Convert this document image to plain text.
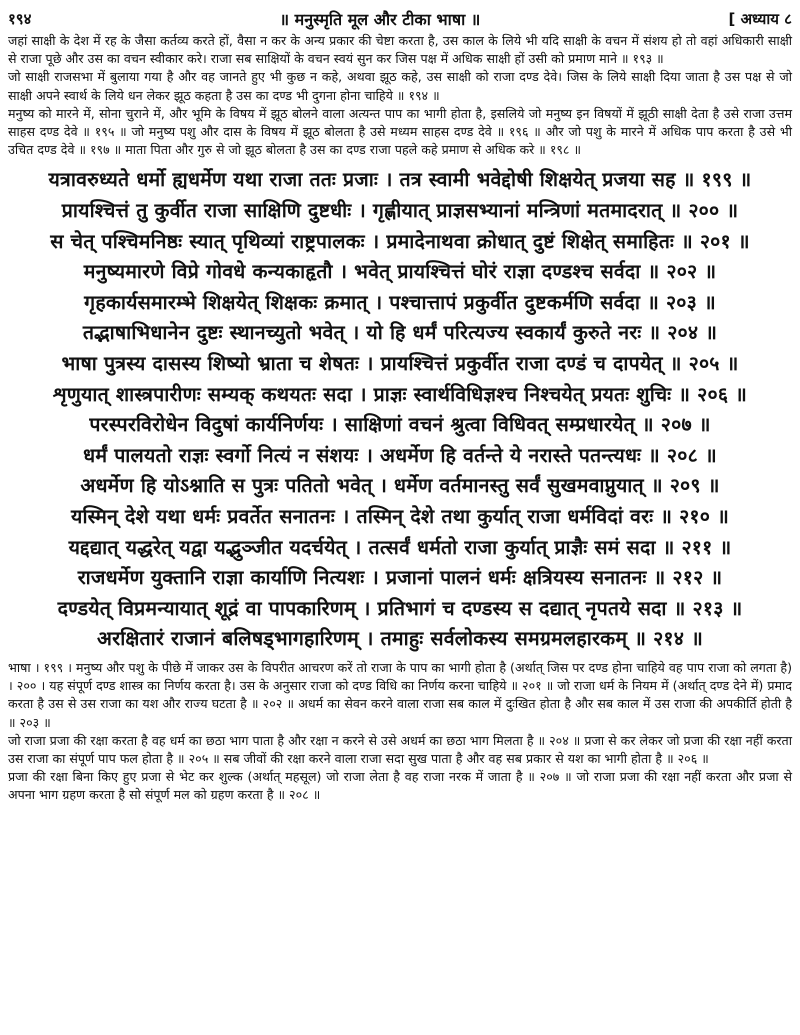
१९४	॥ मनुस्मृति मूल और टीका भाषा ॥	[ अध्याय ८

जहां साक्षी के देश में रह के जैसा कर्तव्य करते हों, वैसा न कर के अन्य प्रकार की चेष्टा करता है, उस काल के लिये भी यदि साक्षी के वचन में संशय हो तो वहां अधिकारी साक्षी से राजा पूछे और उस का वचन स्वीकार करे। राजा सब साक्षियों के वचन स्वयं सुन कर जिस पक्ष में अधिक साक्षी हों उसी को प्रमाण माने ॥ १९३ ॥

जो साक्षी राजसभा में बुलाया गया है और वह जानते हुए भी कुछ न कहे, अथवा झूठ कहे, उस साक्षी को राजा दण्ड देवे। जिस के लिये साक्षी दिया जाता है उस पक्ष से जो साक्षी अपने स्वार्थ के लिये धन लेकर झूठ कहता है उस का दण्ड भी दुगना होना चाहिये ॥ १९४ ॥

मनुष्य को मारने में, सोना चुराने में, और भूमि के विषय में झूठ बोलने वाला अत्यन्त पाप का भागी होता है, इसलिये जो मनुष्य इन विषयों में झूठी साक्षी देता है उसे राजा उत्तम साहस दण्ड देवे ॥ १९५ ॥ जो मनुष्य पशु और दास के विषय में झूठ बोलता है उसे मध्यम साहस दण्ड देवे ॥ १९६ ॥ और जो पशु के मारने में अधिक पाप करता है उसे भी उचित दण्ड देवे ॥ १९७ ॥ माता पिता और गुरु से जो झूठ बोलता है उस का दण्ड राजा पहले कहे प्रमाण से अधिक करे ॥ १९८ ॥

यत्रावरुध्यते धर्मो ह्यधर्मेण यथा राजा ततः प्रजाः । तत्र स्वामी भवेद्दोषी शिक्षयेत् प्रजया सह ॥ १९९ ॥
प्रायश्चित्तं तु कुर्वीत राजा साक्षिणि दुष्टधीः । गृह्णीयात् प्राज्ञसभ्यानां मन्त्रिणां मतमादरात् ॥ २०० ॥
स चेत् पश्चिमनिष्ठः स्यात् पृथिव्यां राष्ट्रपालकः । प्रमादेनाथवा क्रोधात् दुष्टं शिक्षेत् समाहितः ॥ २०१ ॥
मनुष्यमारणे विप्रे गोवधे कन्यकाहृतौ । भवेत् प्रायश्चित्तं घोरं राज्ञा दण्डश्च सर्वदा ॥ २०२ ॥
गृहकार्यसमारम्भे शिक्षयेत् शिक्षकः क्रमात् । पश्चात्तापं प्रकुर्वीत दुष्टकर्मणि सर्वदा ॥ २०३ ॥
तद्भाषाभिधानेन दुष्टः स्थानच्युतो भवेत् । यो हि धर्मं परित्यज्य स्वकार्यं कुरुते नरः ॥ २०४ ॥
भाषा पुत्रस्य दासस्य शिष्यो भ्राता च शेषतः । प्रायश्चित्तं प्रकुर्वीत राजा दण्डं च दापयेत् ॥ २०५ ॥
शृणुयात् शास्त्रपारीणः सम्यक् कथयतः सदा । प्राज्ञः स्वार्थविधिज्ञश्च निश्चयेत् प्रयतः शुचिः ॥ २०६ ॥
परस्परविरोधेन विदुषां कार्यनिर्णयः । साक्षिणां वचनं श्रुत्वा विधिवत् सम्प्रधारयेत् ॥ २०७ ॥
धर्मं पालयतो राज्ञः स्वर्गो नित्यं न संशयः । अधर्मेण हि वर्तन्ते ये नरास्ते पतन्त्यधः ॥ २०८ ॥
अधर्मेण हि योऽश्नाति स पुत्रः पतितो भवेत् । धर्मेण वर्तमानस्तु सर्वं सुखमवाप्नुयात् ॥ २०९ ॥
यस्मिन् देशे यथा धर्मः प्रवर्तेत सनातनः । तस्मिन् देशे तथा कुर्यात् राजा धर्मविदां वरः ॥ २१० ॥
यद्दद्यात् यद्धरेत् यद्वा यद्भुञ्जीत यदर्चयेत् । तत्सर्वं धर्मतो राजा कुर्यात् प्राज्ञैः समं सदा ॥ २११ ॥
राजधर्मेण युक्तानि राज्ञा कार्याणि नित्यशः । प्रजानां पालनं धर्मः क्षत्रियस्य सनातनः ॥ २१२ ॥
दण्डयेत् विप्रमन्यायात् शूद्रं वा पापकारिणम् । प्रतिभागं च दण्डस्य स दद्यात् नृपतये सदा ॥ २१३ ॥
अरक्षितारं राजानं बलिषड्भागहारिणम् । तमाहुः सर्वलोकस्य समग्रमलहारकम् ॥ २१४ ॥

भाषा । १९९ । मनुष्य और पशु के पीछे में जाकर उस के विपरीत आचरण करें तो राजा के पाप का भागी होता है (अर्थात् जिस पर दण्ड होना चाहिये वह पाप राजा को लगता है) । २०० । यह संपूर्ण दण्ड शास्त्र का निर्णय करता है। उस के अनुसार राजा को दण्ड विधि का निर्णय करना चाहिये ॥ २०१ ॥ जो राजा धर्म के नियम में (अर्थात् दण्ड देने में) प्रमाद करता है उस से उस राजा का यश और राज्य घटता है ॥ २०२ ॥ अधर्म का सेवन करने वाला राजा सब काल में दुःखित होता है और सब काल में उस राजा की अपकीर्ति होती है ॥ २०३ ॥

जो राजा प्रजा की रक्षा करता है वह धर्म का छठा भाग पाता है और रक्षा न करने से उसे अधर्म का छठा भाग मिलता है ॥ २०४ ॥ प्रजा से कर लेकर जो प्रजा की रक्षा नहीं करता उस राजा का संपूर्ण पाप फल होता है ॥ २०५ ॥ सब जीवों की रक्षा करने वाला राजा सदा सुख पाता है और वह सब प्रकार से यश का भागी होता है ॥ २०६ ॥

प्रजा की रक्षा बिना किए हुए प्रजा से भेट कर शुल्क (अर्थात् महसूल) जो राजा लेता है वह राजा नरक में जाता है ॥ २०७ ॥ जो राजा प्रजा की रक्षा नहीं करता और प्रजा से अपना भाग ग्रहण करता है सो संपूर्ण मल को ग्रहण करता है ॥ २०८ ॥
